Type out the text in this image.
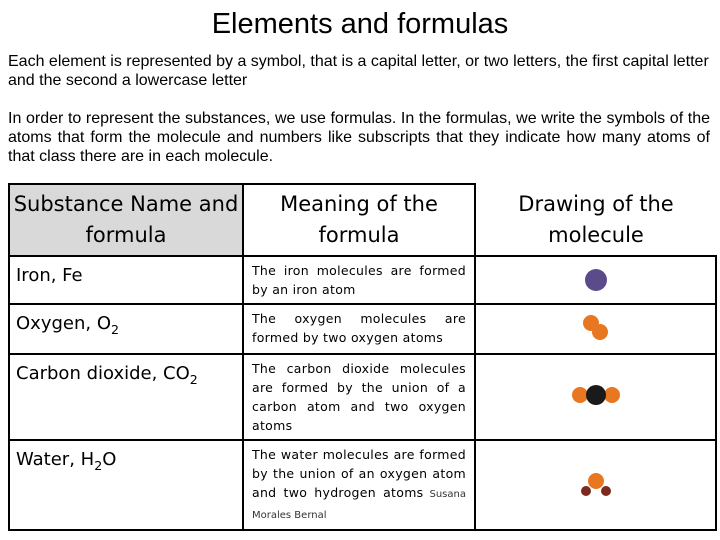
Elements and formulas

Each element is represented by a symbol, that is a capital letter, or two letters, the first capital letter and the second a lowercase letter

In order to represent the substances, we use formulas. In the formulas, we write the symbols of the atoms that form the molecule and numbers like subscripts that they indicate how many atoms of that class there are in each molecule.

Substance Name and formula	Meaning of the formula	Drawing of the molecule
Iron, Fe	The iron molecules are formed by an iron atom	

Oxygen, $O_2$	The oxygen molecules are formed by two oxygen atoms	

Carbon dioxide, $CO_2$	The carbon dioxide molecules are formed by the union of a carbon atom and two oxygen atoms	

Water, $H_2O$	The water molecules are formed by the union of an oxygen atom and two hydrogen atoms Susana Morales Bernal	
